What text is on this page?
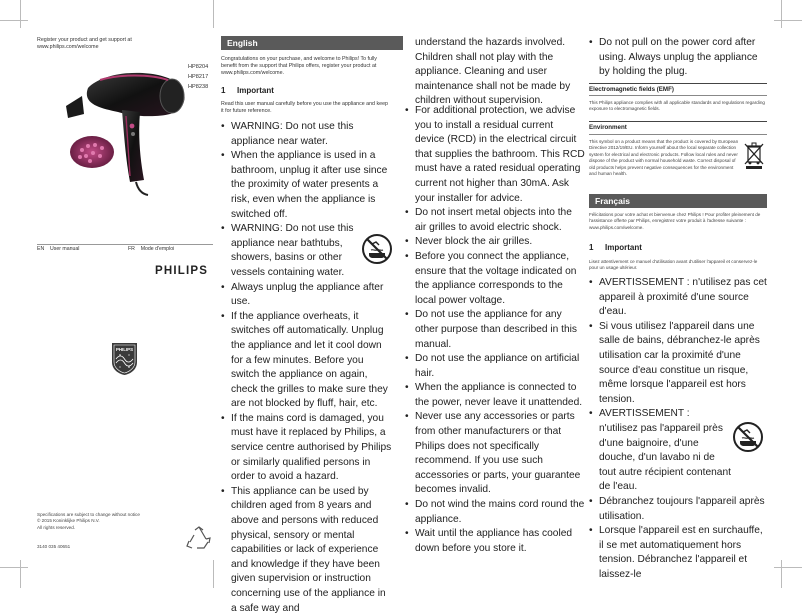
Register your product and get support at
www.philips.com/welcome
HP8204
HP8217
HP8238
EN User manual	FR Mode d'emploi
PHILIPS
PHILIPS
Specifications are subject to change without notice
© 2015 Koninklijke Philips N.V.
All rights reserved.
3140 035 40651
English
Congratulations on your purchase, and welcome to Philips! To fully benefit from the support that Philips offers, register your product at www.philips.com/welcome.
1 Important
Read this user manual carefully before you use the appliance and keep it for future reference.
• WARNING: Do not use this appliance near water.
• When the appliance is used in a bathroom, unplug it after use since the proximity of water presents a risk, even when the appliance is switched off.
• WARNING: Do not use this appliance near bathtubs, showers, basins or other vessels containing water.
• Always unplug the appliance after use.
• If the appliance overheats, it switches off automatically. Unplug the appliance and let it cool down for a few minutes. Before you switch the appliance on again, check the grilles to make sure they are not blocked by fluff, hair, etc.
• If the mains cord is damaged, you must have it replaced by Philips, a service centre authorised by Philips or similarly qualified persons in order to avoid a hazard.
• This appliance can be used by children aged from 8 years and above and persons with reduced physical, sensory or mental capabilities or lack of experience and knowledge if they have been given supervision or instruction concerning use of the appliance in a safe way and
understand the hazards involved. Children shall not play with the appliance. Cleaning and user maintenance shall not be made by children without supervision.
• For additional protection, we advise you to install a residual current device (RCD) in the electrical circuit that supplies the bathroom. This RCD must have a rated residual operating current not higher than 30mA. Ask your installer for advice.
• Do not insert metal objects into the air grilles to avoid electric shock.
• Never block the air grilles.
• Before you connect the appliance, ensure that the voltage indicated on the appliance corresponds to the local power voltage.
• Do not use the appliance for any other purpose than described in this manual.
• Do not use the appliance on artificial hair.
• When the appliance is connected to the power, never leave it unattended.
• Never use any accessories or parts from other manufacturers or that Philips does not specifically recommend. If you use such accessories or parts, your guarantee becomes invalid.
• Do not wind the mains cord round the appliance.
• Wait until the appliance has cooled down before you store it.
• Do not pull on the power cord after using. Always unplug the appliance by holding the plug.
Electromagnetic fields (EMF)
This Philips appliance complies with all applicable standards and regulations regarding exposure to electromagnetic fields.
Environment
This symbol on a product means that the product is covered by European Directive 2012/19/EU. Inform yourself about the local separate collection system for electrical and electronic products. Follow local rules and never dispose of the product with normal household waste. Correct disposal of old products helps prevent negative consequences for the environment and human health.
Français
Félicitations pour votre achat et bienvenue chez Philips ! Pour profiter pleinement de l'assistance offerte par Philips, enregistrez votre produit à l'adresse suivante : www.philips.com/welcome.
1 Important
Lisez attentivement ce manuel d'utilisation avant d'utiliser l'appareil et conservez-le pour un usage ultérieur.
• AVERTISSEMENT : n'utilisez pas cet appareil à proximité d'une source d'eau.
• Si vous utilisez l'appareil dans une salle de bains, débranchez-le après utilisation car la proximité d'une source d'eau constitue un risque, même lorsque l'appareil est hors tension.
• AVERTISSEMENT : n'utilisez pas l'appareil près d'une baignoire, d'une douche, d'un lavabo ni de tout autre récipient contenant de l'eau.
• Débranchez toujours l'appareil après utilisation.
• Lorsque l'appareil est en surchauffe, il se met automatiquement hors tension. Débranchez l'appareil et laissez-le
